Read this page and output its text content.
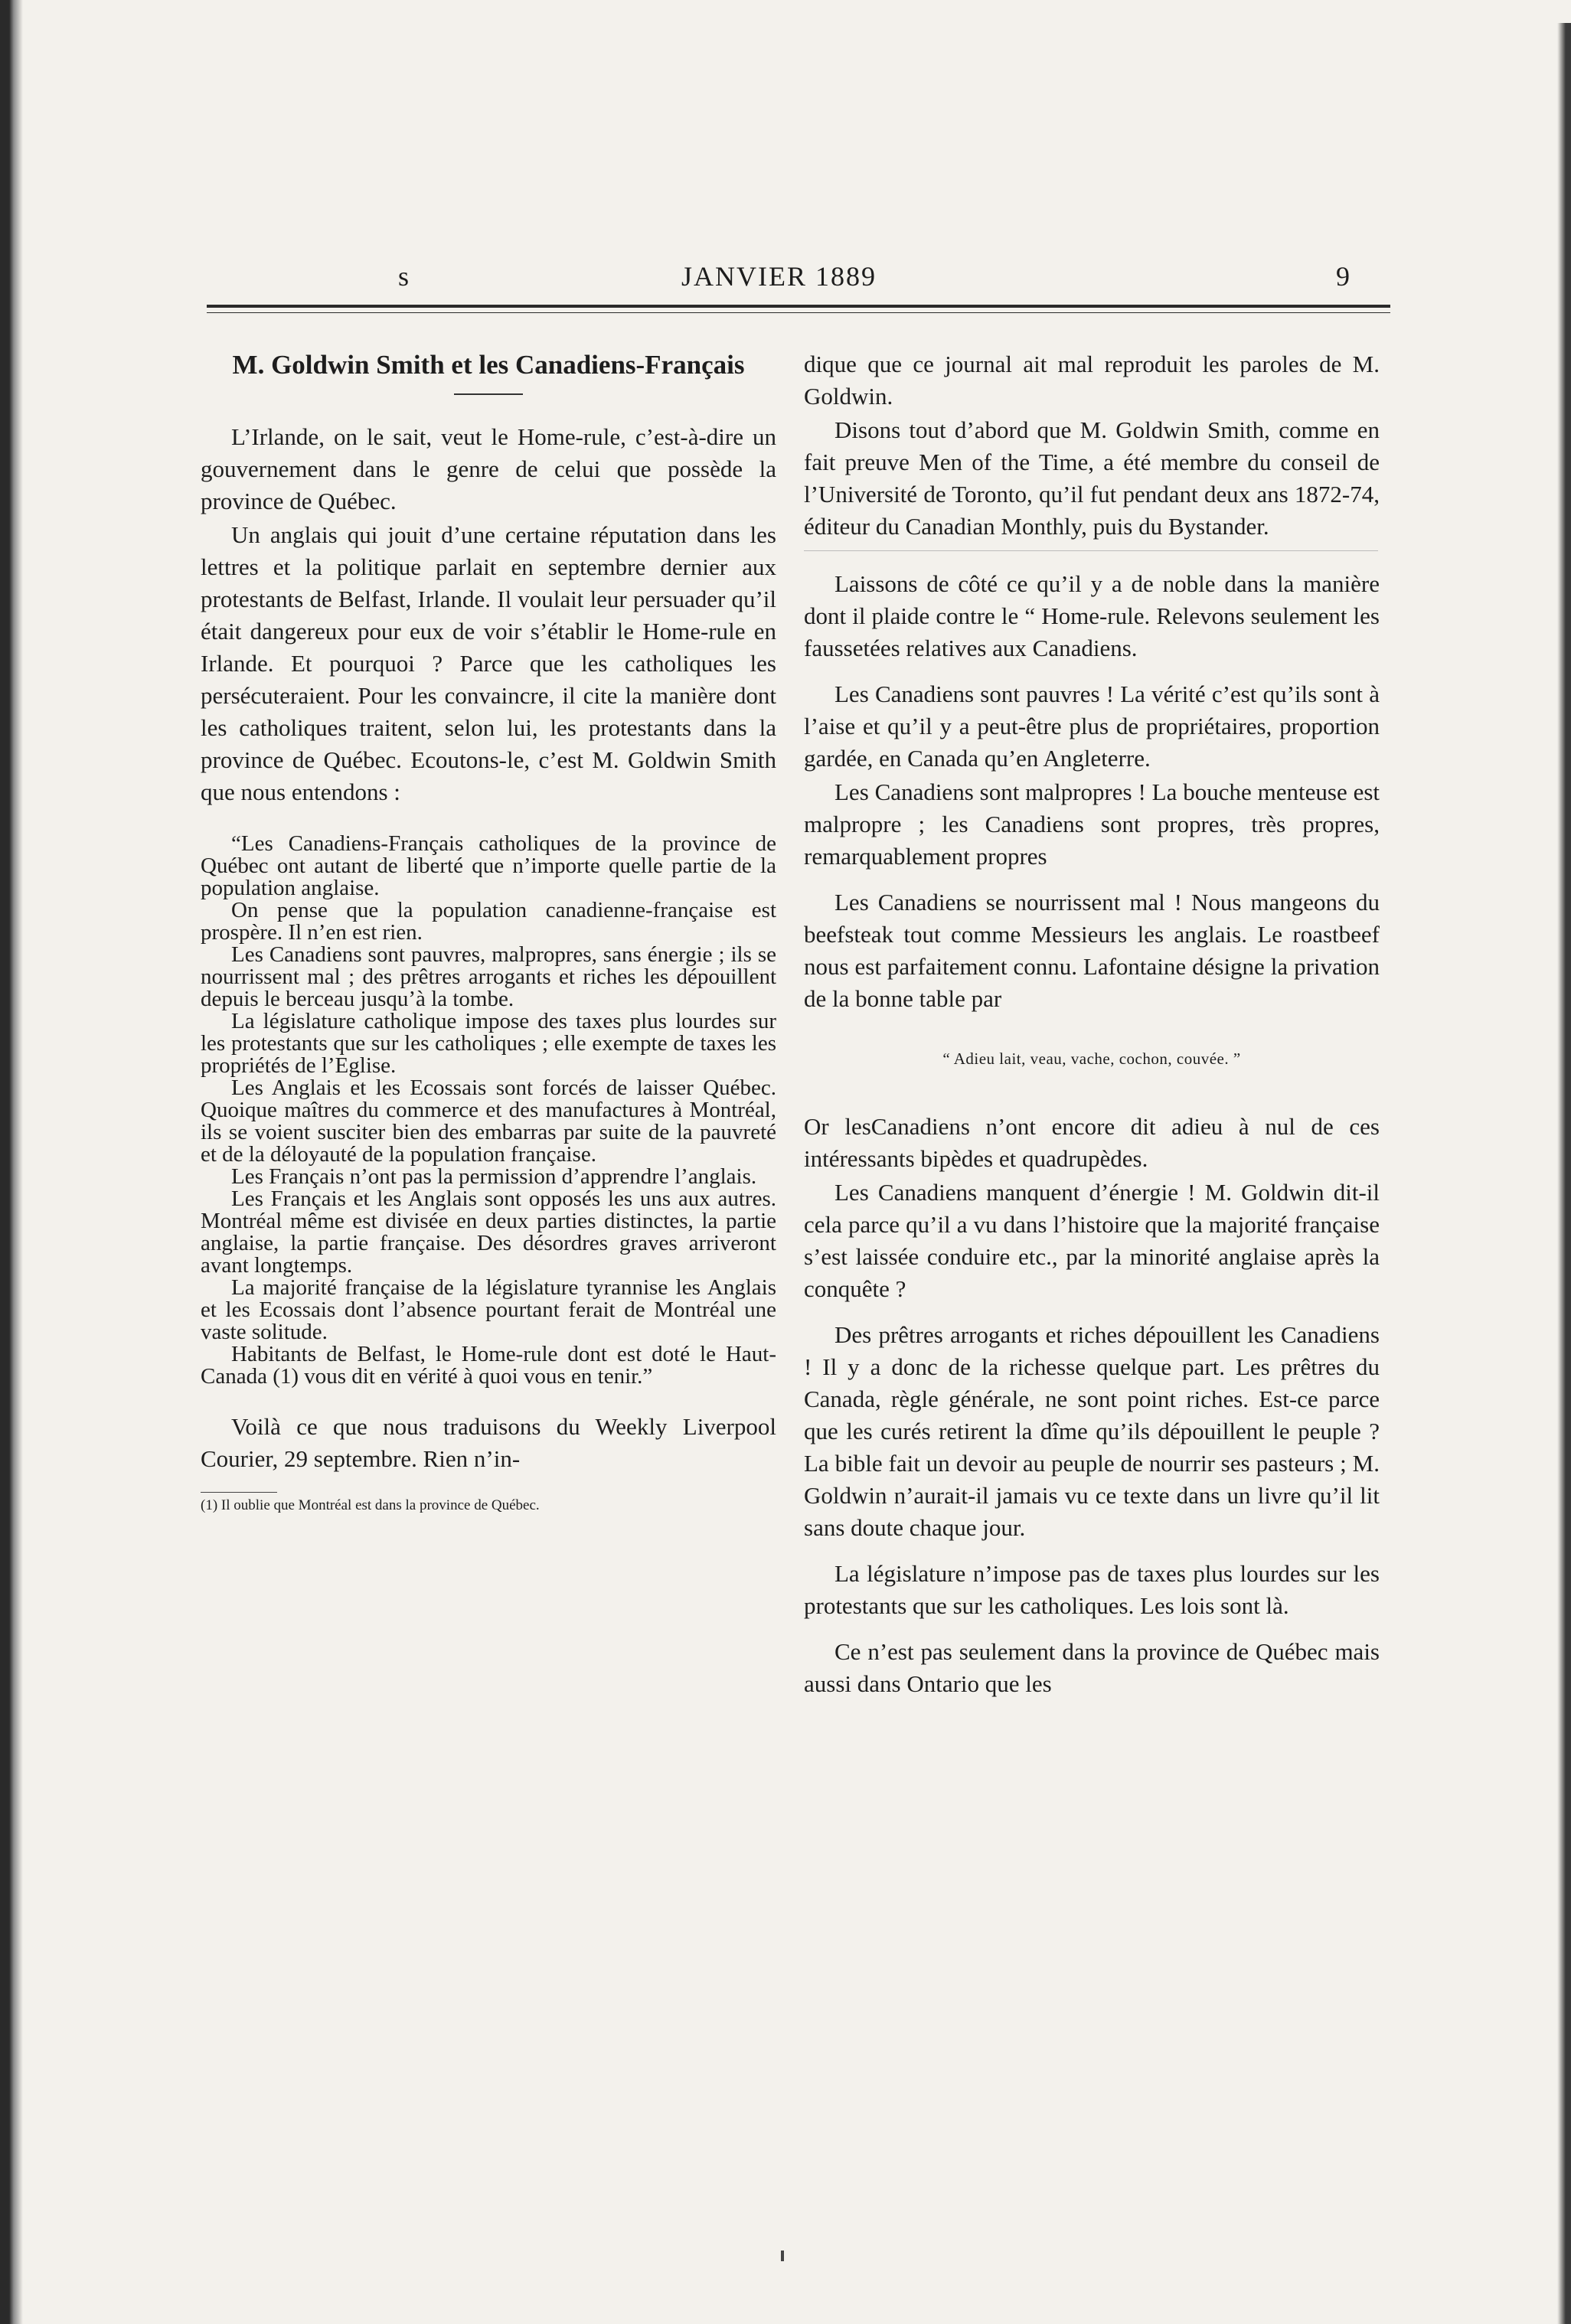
s	JANVIER 1889	9
M. Goldwin Smith et les Canadiens-Français

L’Irlande, on le sait, veut le Home-rule, c’est-à-dire un gouvernement dans le genre de celui que possède la province de Québec.

Un anglais qui jouit d’une certaine réputation dans les lettres et la politique parlait en septembre dernier aux protestants de Belfast, Irlande. Il voulait leur persuader qu’il était dangereux pour eux de voir s’établir le Home-rule en Irlande. Et pourquoi ? Parce que les catholiques les persécuteraient. Pour les convaincre, il cite la manière dont les catholiques traitent, selon lui, les protestants dans la province de Québec. Ecoutons-le, c’est M. Goldwin Smith que nous entendons :

“Les Canadiens-Français catholiques de la province de Québec ont autant de liberté que n’importe quelle partie de la population anglaise.

On pense que la population canadienne-française est prospère. Il n’en est rien.

Les Canadiens sont pauvres, malpropres, sans énergie ; ils se nourrissent mal ; des prêtres arrogants et riches les dépouillent depuis le berceau jusqu’à la tombe.

La législature catholique impose des taxes plus lourdes sur les protestants que sur les catholiques ; elle exempte de taxes les propriétés de l’Eglise.

Les Anglais et les Ecossais sont forcés de laisser Québec. Quoique maîtres du commerce et des manufactures à Montréal, ils se voient susciter bien des embarras par suite de la pauvreté et de la déloyauté de la population française.

Les Français n’ont pas la permission d’apprendre l’anglais.

Les Français et les Anglais sont opposés les uns aux autres. Montréal même est divisée en deux parties distinctes, la partie anglaise, la partie française. Des désordres graves arriveront avant longtemps.

La majorité française de la législature tyrannise les Anglais et les Ecossais dont l’absence pourtant ferait de Montréal une vaste solitude.

Habitants de Belfast, le Home-rule dont est doté le Haut-Canada (1) vous dit en vérité à quoi vous en tenir.”

Voilà ce que nous traduisons du Weekly Liverpool Courier, 29 septembre. Rien n’in-

(1) Il oublie que Montréal est dans la province de Québec.

dique que ce journal ait mal reproduit les paroles de M. Goldwin.

Disons tout d’abord que M. Goldwin Smith, comme en fait preuve Men of the Time, a été membre du conseil de l’Université de Toronto, qu’il fut pendant deux ans 1872-74, éditeur du Canadian Monthly, puis du Bystander.

Laissons de côté ce qu’il y a de noble dans la manière dont il plaide contre le “ Home-rule. Relevons seulement les faussetées relatives aux Canadiens.

Les Canadiens sont pauvres ! La vérité c’est qu’ils sont à l’aise et qu’il y a peut-être plus de propriétaires, proportion gardée, en Canada qu’en Angleterre.

Les Canadiens sont malpropres ! La bouche menteuse est malpropre ; les Canadiens sont propres, très propres, remarquablement propres

Les Canadiens se nourrissent mal ! Nous mangeons du beefsteak tout comme Messieurs les anglais. Le roastbeef nous est parfaitement connu. Lafontaine désigne la privation de la bonne table par

“ Adieu lait, veau, vache, cochon, couvée. ”

Or lesCanadiens n’ont encore dit adieu à nul de ces intéressants bipèdes et quadrupèdes.

Les Canadiens manquent d’énergie ! M. Goldwin dit-il cela parce qu’il a vu dans l’histoire que la majorité française s’est laissée conduire etc., par la minorité anglaise après la conquête ?

Des prêtres arrogants et riches dépouillent les Canadiens ! Il y a donc de la richesse quelque part. Les prêtres du Canada, règle générale, ne sont point riches. Est-ce parce que les curés retirent la dîme qu’ils dépouillent le peuple ? La bible fait un devoir au peuple de nourrir ses pasteurs ; M. Goldwin n’aurait-il jamais vu ce texte dans un livre qu’il lit sans doute chaque jour.

La législature n’impose pas de taxes plus lourdes sur les protestants que sur les catholiques. Les lois sont là.

Ce n’est pas seulement dans la province de Québec mais aussi dans Ontario que les
